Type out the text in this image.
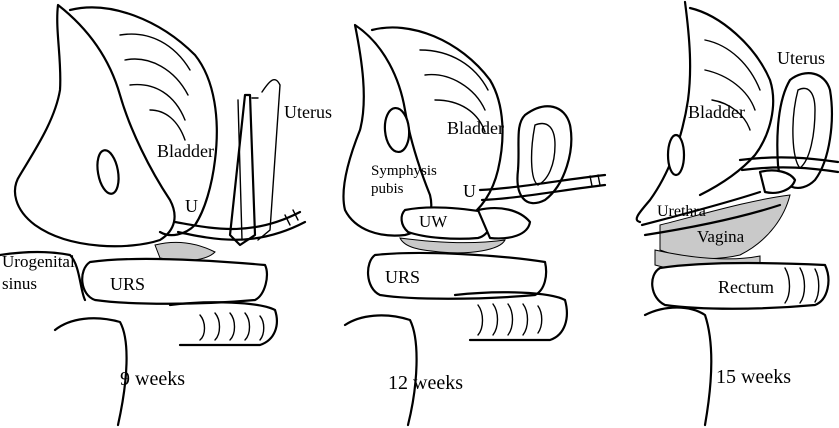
Uterus
Bladder
U
Urogenital
sinus	URS
9 weeks
Bladder
Symphysis
pubis	U
UW
URS
12 weeks
Uterus
Bladder
Urethra
Vagina
Rectum
15 weeks
